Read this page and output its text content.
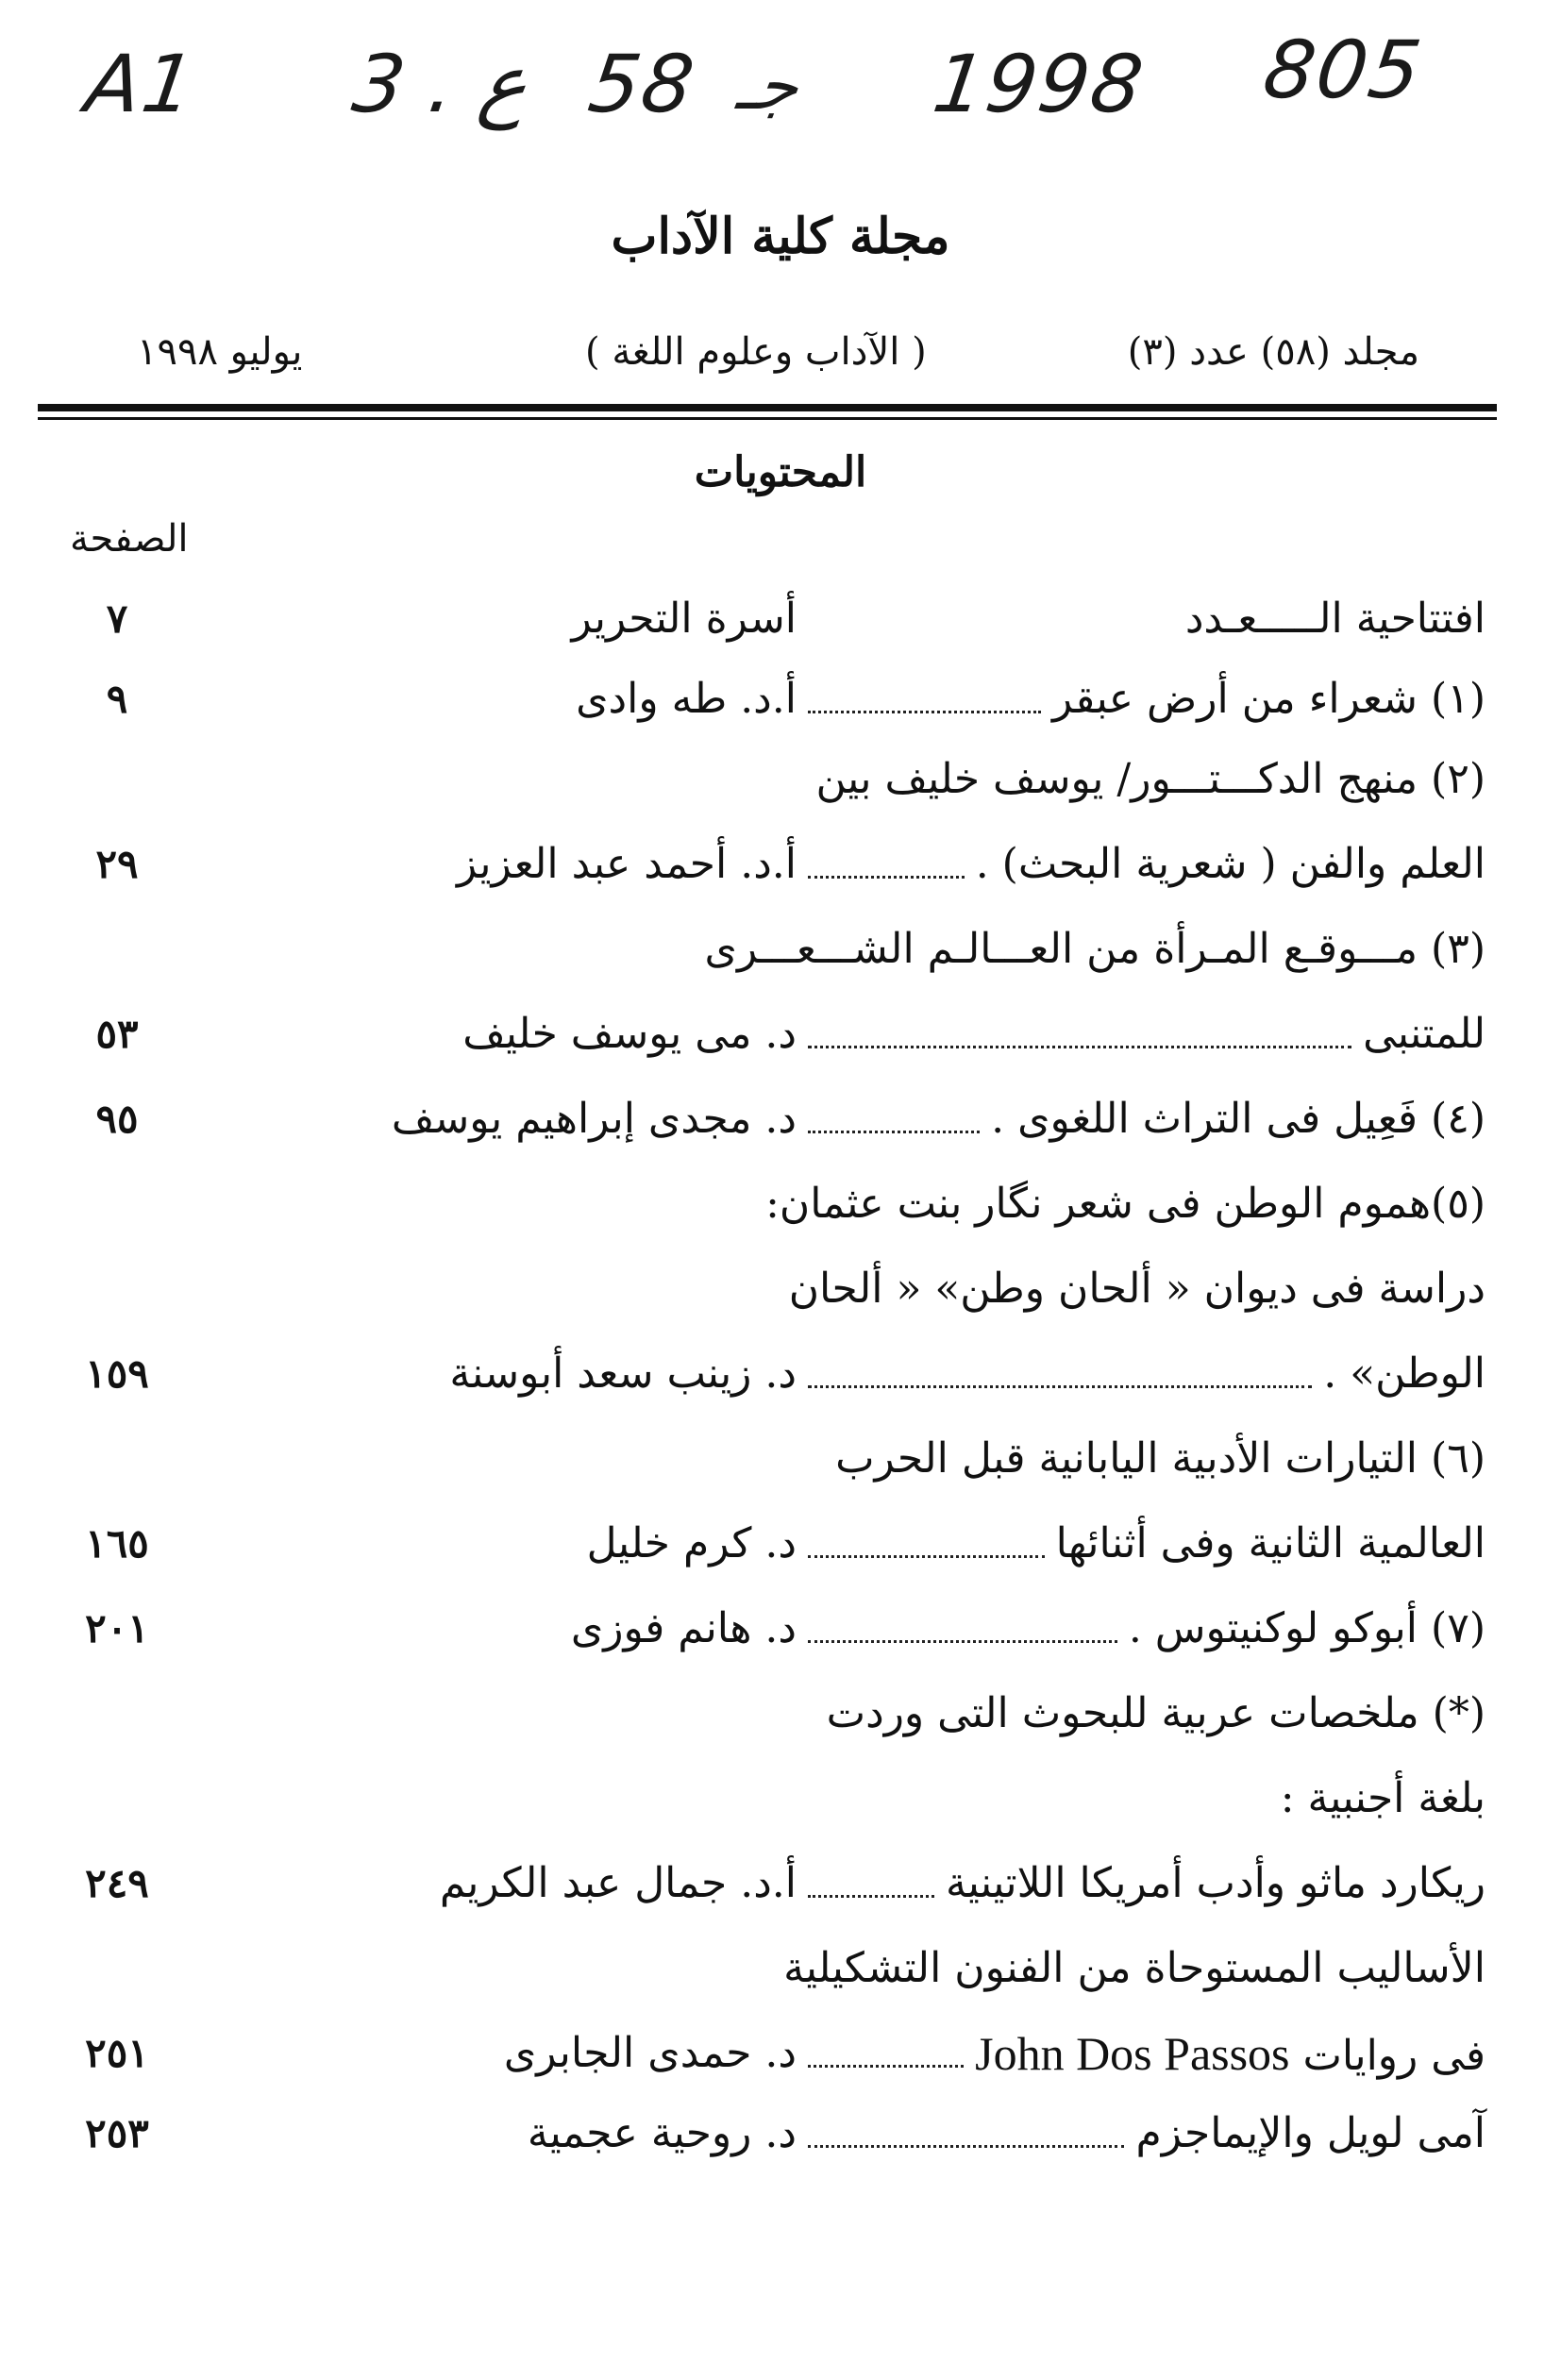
A1 3 . ع 58 جـ 1998 805
مجلة كلية الآداب
مجلد (٥٨) عدد (٣)
( الآداب وعلوم اللغة )
يوليو ١٩٩٨
المحتويات
الصفحة
افتتاحية الـــــعـدد
أسرة التحرير
٧
(١) شعراء من أرض عبقر
أ.د. طه وادى
٩
(٢) منهج الدكـــتـــور/ يوسف خليف بين
العلم والفن ( شعرية البحث) .
أ.د. أحمد عبد العزيز
٢٩
(٣) مـــوقـع المـرأة من العـــالـم الشـــعـــرى
للمتنبى
د. مى يوسف خليف
٥٣
(٤) فَعِيل فى التراث اللغوى .
د. مجدى إبراهيم يوسف
٩٥
(٥)هموم الوطن فى شعر نگار بنت عثمان:
دراسة فى ديوان « ألحان وطن» « ألحان
الوطن» .
د. زينب سعد أبوسنة
١٥٩
(٦) التيارات الأدبية اليابانية قبل الحرب
العالمية الثانية وفى أثنائها
د. كرم خليل
١٦٥
(٧) أبوكو لوكنيتوس .
د. هانم فوزى
٢٠١
(*) ملخصات عربية للبحوث التى وردت
بلغة أجنبية :
ريكارد ماثو وأدب أمريكا اللاتينية
أ.د. جمال عبد الكريم
٢٤٩
الأساليب المستوحاة من الفنون التشكيلية
فى روايات John Dos Passos
د. حمدى الجابرى
٢٥١
آمى لويل والإيماجزم
د. روحية عجمية
٢٥٣
